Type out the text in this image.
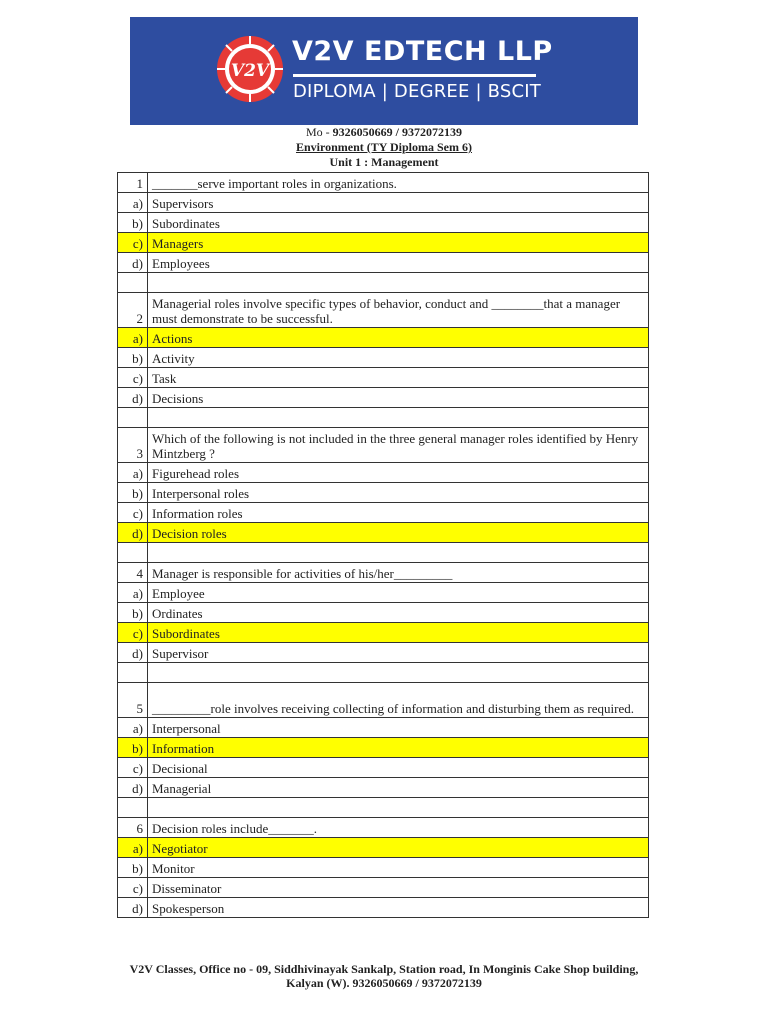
V2V
V2V EDTECH LLP
DIPLOMA | DEGREE | BSCIT
Mo - 9326050669 / 9372072139
Environment (TY Diploma Sem 6)
Unit 1 : Management
1	_______serve important roles in organizations.
a)	Supervisors
b)	Subordinates
c)	Managers
d)	Employees

2	Managerial roles involve specific types of behavior, conduct and ________that a manager must demonstrate to be successful.
a)	Actions
b)	Activity
c)	Task
d)	Decisions

3	Which of the following is not included in the three general manager roles identified by Henry Mintzberg ?
a)	Figurehead roles
b)	Interpersonal roles
c)	Information roles
d)	Decision roles

4	Manager is responsible for activities of his/her_________
a)	Employee
b)	Ordinates
c)	Subordinates
d)	Supervisor

5	_________role involves receiving collecting of information and disturbing them as required.
a)	Interpersonal
b)	Information
c)	Decisional
d)	Managerial

6	Decision roles include_______.
a)	Negotiator
b)	Monitor
c)	Disseminator
d)	Spokesperson
V2V Classes, Office no - 09, Siddhivinayak Sankalp, Station road, In Monginis Cake Shop building,
Kalyan (W). 9326050669 / 9372072139
